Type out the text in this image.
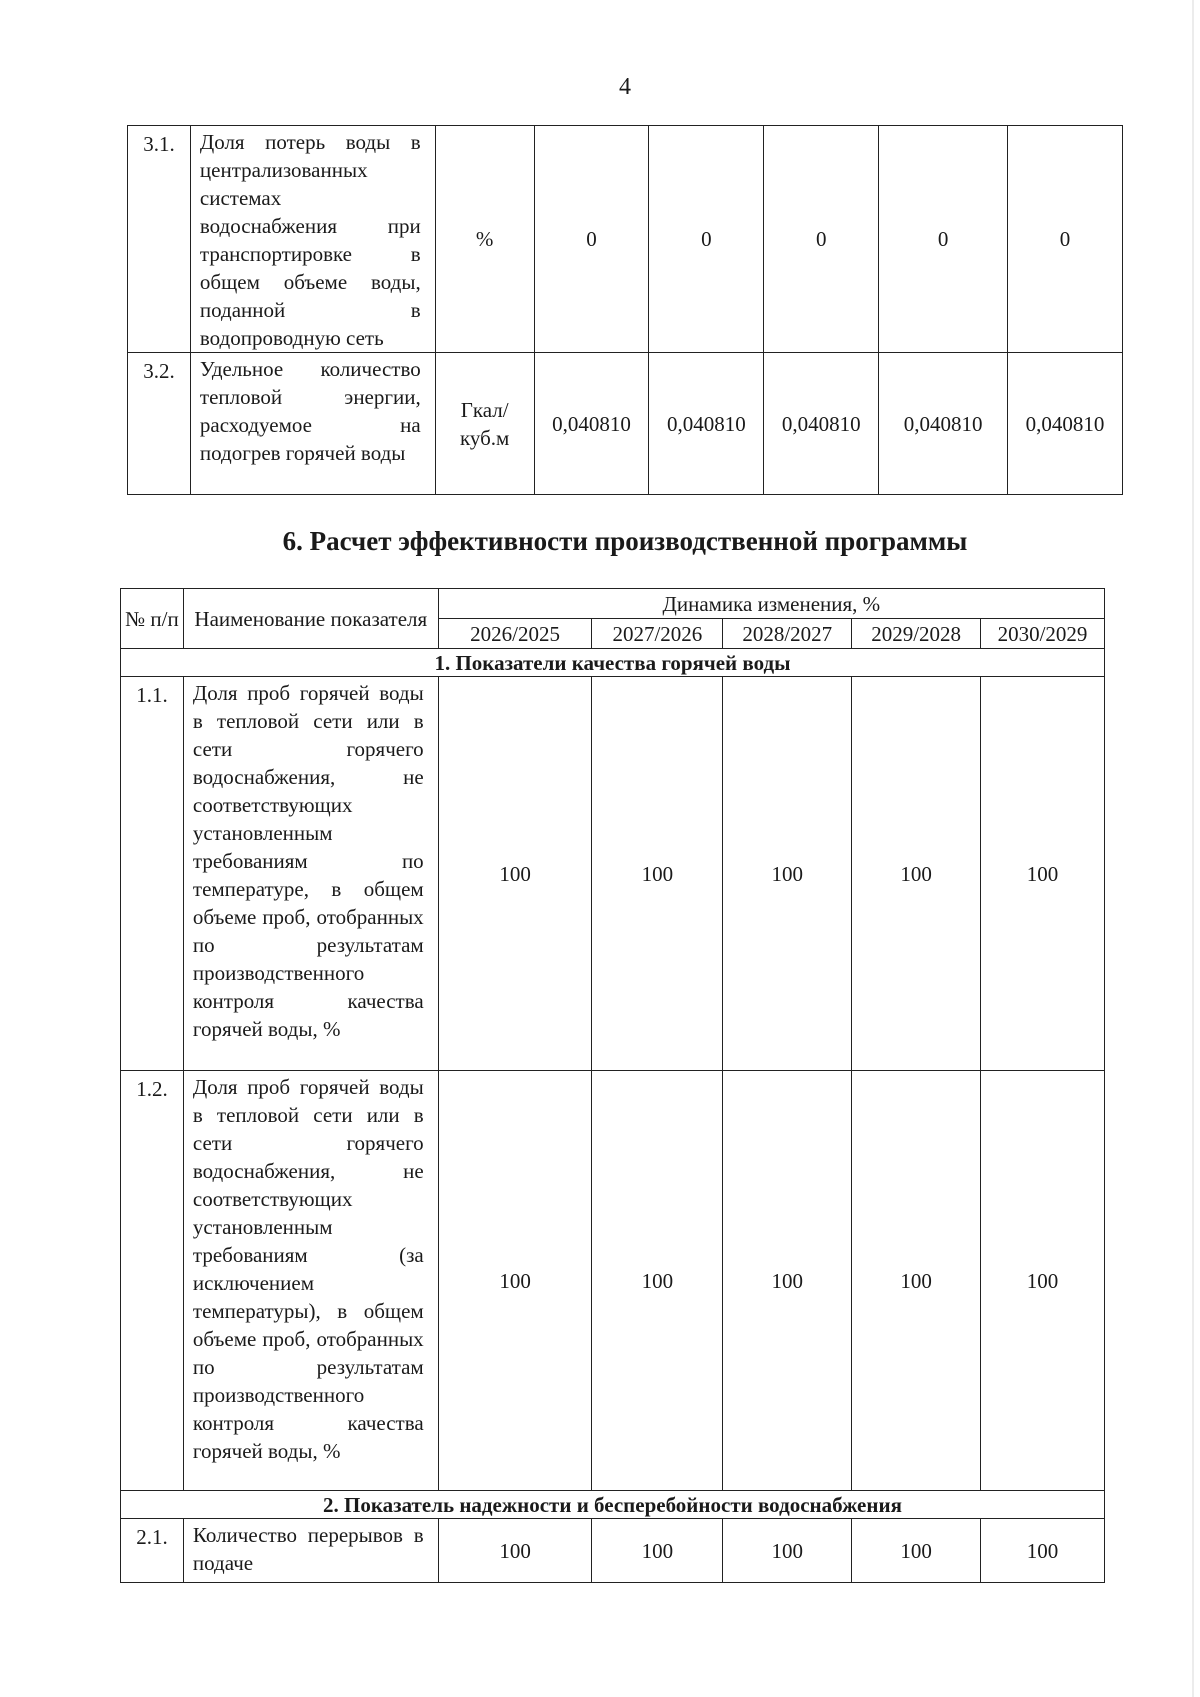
4
3.1.	Доля потерь воды в централизованных системах водоснабжения при транспортировке в общем объеме воды, поданной в водопроводную сеть	%	0	0	0	0	0
3.2.	Удельное количество тепловой энергии, расходуемое на подогрев горячей воды	Гкал/ куб.м	0,040810	0,040810	0,040810	0,040810	0,040810
6. Расчет эффективности производственной программы
№ п/п	Наименование показателя	Динамика изменения, %				
		2026/2025	2027/2026	2028/2027	2029/2028	2030/2029
1. Показатели качества горячей воды						
1.1.	Доля проб горячей воды в тепловой сети или в сети горячего водоснабжения, не соответствующих установленным требованиям по температуре, в общем объеме проб, отобранных по результатам производственного контроля качества горячей воды, %	100	100	100	100	100
1.2.	Доля проб горячей воды в тепловой сети или в сети горячего водоснабжения, не соответствующих установленным требованиям (за исключением температуры), в общем объеме проб, отобранных по результатам производственного контроля качества горячей воды, %	100	100	100	100	100
2. Показатель надежности и бесперебойности водоснабжения						
2.1.	Количество перерывов в подаче	100	100	100	100	100
